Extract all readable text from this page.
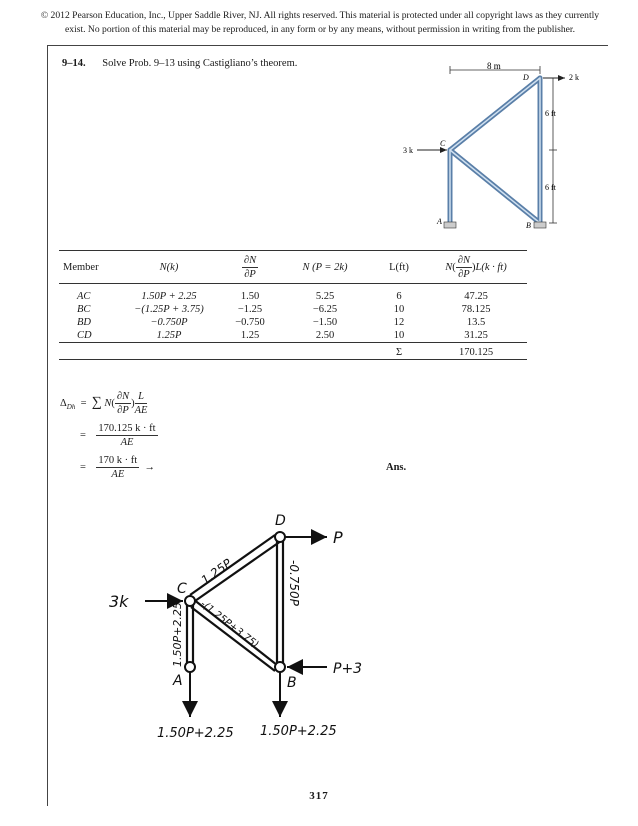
© 2012 Pearson Education, Inc., Upper Saddle River, NJ. All rights reserved. This material is protected under all copyright laws as they currently
exist. No portion of this material may be reproduced, in any form or by any means, without permission in writing from the publisher.
9–14. Solve Prob. 9–13 using Castigliano’s theorem.	8 m
6 ft
6 ft
2 k
3 k
D
C
A	B
Member	N(k)	$\frac{\partial N}{\partial P}$	N (P = 2k)	L(ft)	$N( \frac{\partial N}{\partial P} )L(k \cdot ft)$

AC	1.50P + 2.25	1.50	5.25	6	47.25
BC	−(1.25P + 3.75)	−1.25	−6.25	10	78.125
BD	−0.750P	−0.750	−1.50	12	13.5
CD	1.25P	1.25	2.50	10	31.25
				Σ	170.125

$\Delta_{Dh}$ = ∑ $N( \frac{\partial N}{\partial P}$ ) $\frac{L}{AE}$
= $\frac{170.125 k \cdot ft}{AE}$
= $\frac{170 k \cdot ft}{AE}$ →	Ans.
D
P
C
3k
P+3
A	B
1.25P	-0.750P
-(1.25P+3.75)
1.50P+2.25
1.50P+2.25 1.50P+2.25
317
